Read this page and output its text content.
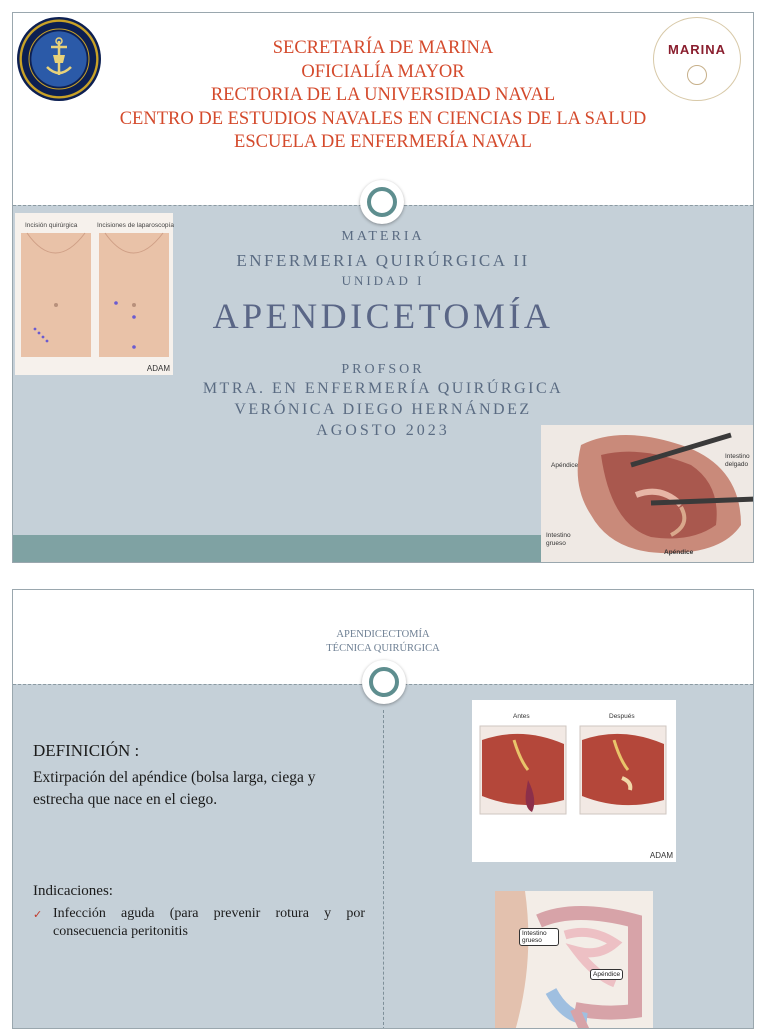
SECRETARÍA DE MARINA
OFICIALÍA MAYOR
RECTORIA DE LA UNIVERSIDAD NAVAL
CENTRO DE ESTUDIOS NAVALES EN CIENCIAS DE LA SALUD
ESCUELA DE ENFERMERÍA NAVAL
MARINA
Incisión quirúrgica	Incisiones de laparoscopía
ADAM
MATERIA
ENFERMERIA QUIRÚRGICA II
UNIDAD I
APENDICETOMÍA
PROFSOR
MTRA. EN ENFERMERÍA QUIRÚRGICA
VERÓNICA DIEGO HERNÁNDEZ
AGOSTO 2023
Apéndice
Intestino delgado
Intestino grueso
Apéndice
APENDICECTOMÍA
TÉCNICA QUIRÚRGICA
DEFINICIÓN :
Extirpación del apéndice (bolsa larga, ciega y estrecha que nace en el ciego.
Indicaciones:
✓ Infección aguda (para prevenir rotura y por consecuencia peritonitis
Antes	Después
ADAM
Intestino grueso
Apéndice
